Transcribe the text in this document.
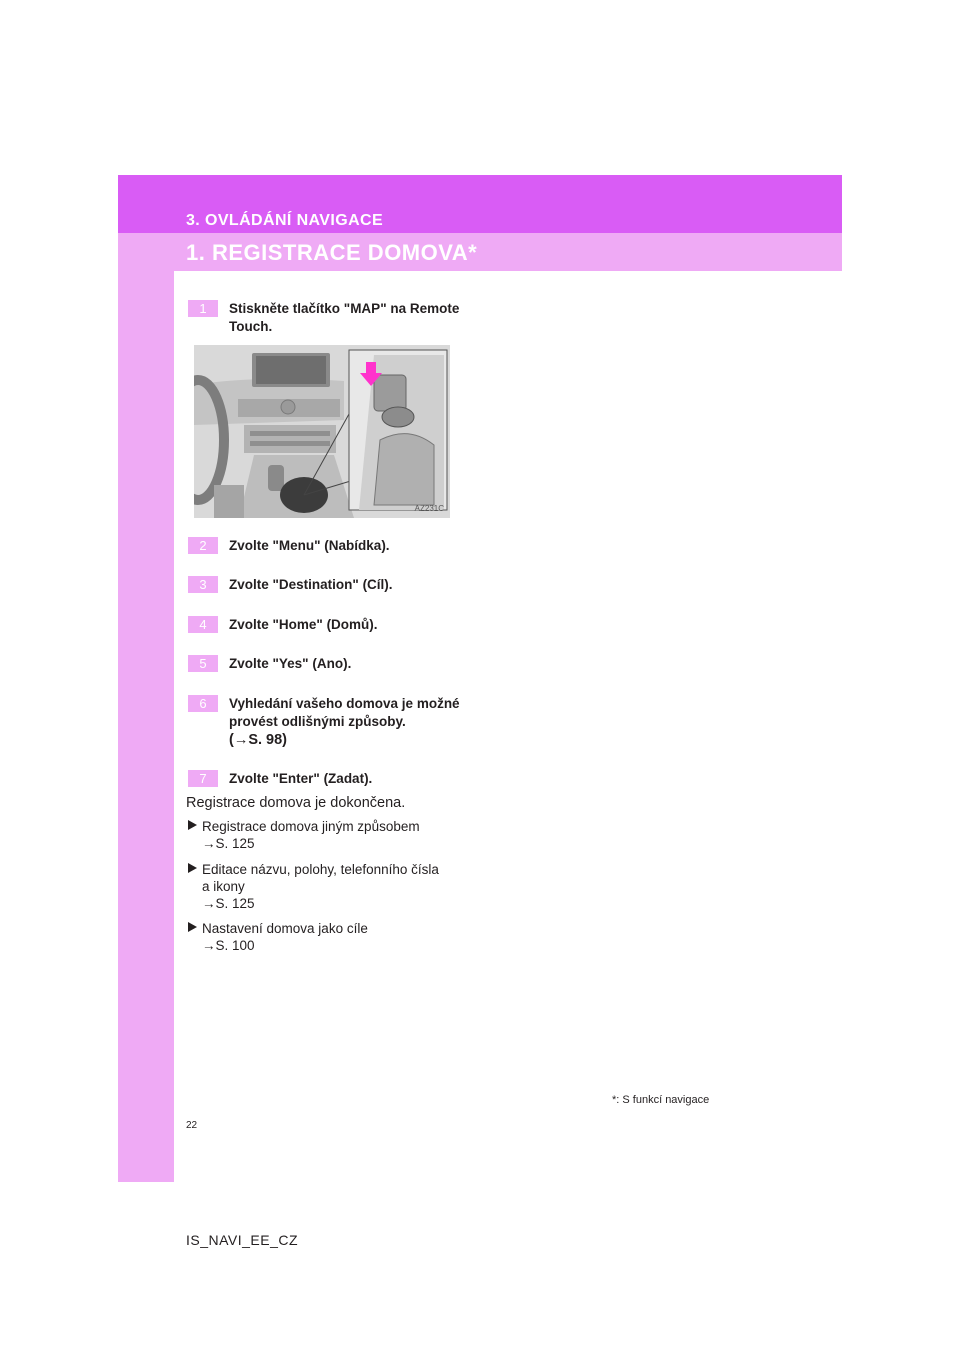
3. OVLÁDÁNÍ NAVIGACE
1. REGISTRACE DOMOVA*
1	Stiskněte tlačítko "MAP" na Remote Touch.
AZ231C
2	Zvolte "Menu" (Nabídka).
3	Zvolte "Destination" (Cíl).
4	Zvolte "Home" (Domů).
5	Zvolte "Yes" (Ano).
6	Vyhledání vašeho domova je možné provést odlišnými způsoby.
(→S. 98)
7	Zvolte "Enter" (Zadat).
Registrace domova je dokončena.
Registrace domova jiným způsobem
→S. 125
Editace názvu, polohy, telefonního čísla
a ikony
→S. 125
Nastavení domova jako cíle
→S. 100
*: S funkcí navigace
22
IS_NAVI_EE_CZ
